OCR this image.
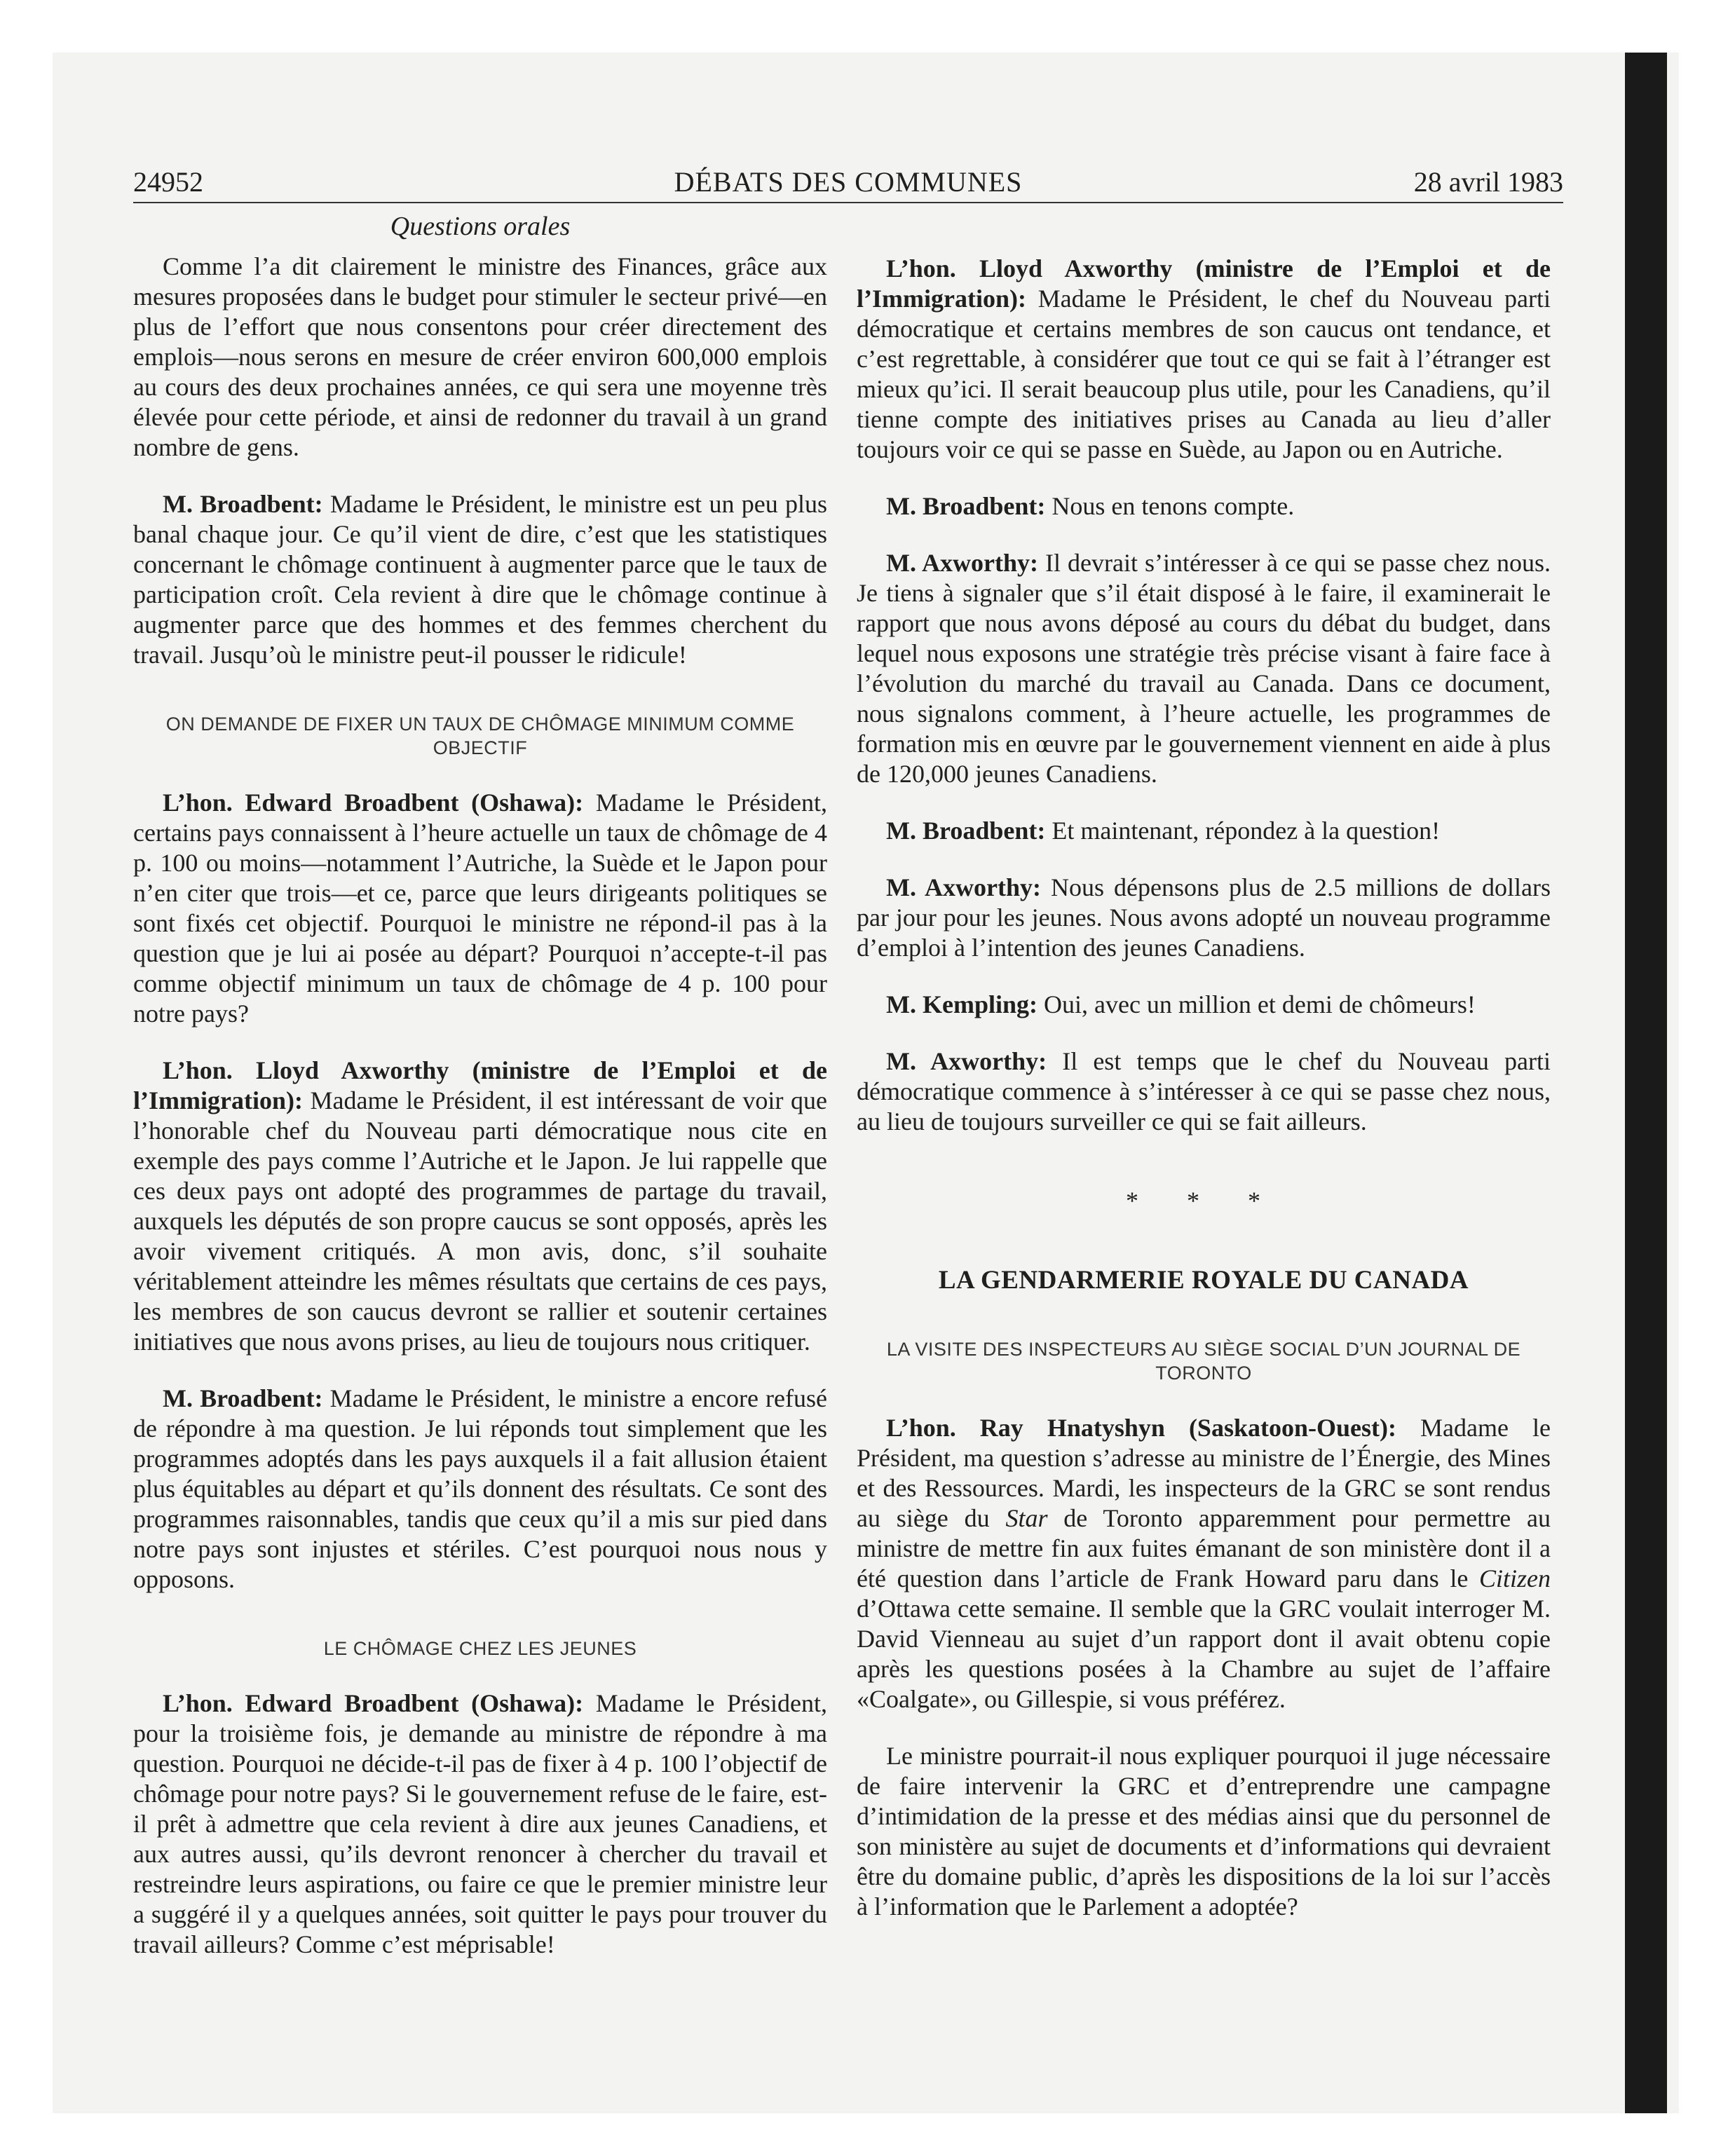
24952	DÉBATS DES COMMUNES	28 avril 1983
Questions orales

Comme l’a dit clairement le ministre des Finances, grâce aux mesures proposées dans le budget pour stimuler le secteur privé—en plus de l’effort que nous consentons pour créer directement des emplois—nous serons en mesure de créer environ 600,000 emplois au cours des deux prochaines années, ce qui sera une moyenne très élevée pour cette période, et ainsi de redonner du travail à un grand nombre de gens.

M. Broadbent: Madame le Président, le ministre est un peu plus banal chaque jour. Ce qu’il vient de dire, c’est que les statistiques concernant le chômage continuent à augmenter parce que le taux de participation croît. Cela revient à dire que le chômage continue à augmenter parce que des hommes et des femmes cherchent du travail. Jusqu’où le ministre peut-il pousser le ridicule!

ON DEMANDE DE FIXER UN TAUX DE CHÔMAGE MINIMUM COMME OBJECTIF

L’hon. Edward Broadbent (Oshawa): Madame le Président, certains pays connaissent à l’heure actuelle un taux de chômage de 4 p. 100 ou moins—notamment l’Autriche, la Suède et le Japon pour n’en citer que trois—et ce, parce que leurs dirigeants politiques se sont fixés cet objectif. Pourquoi le ministre ne répond-il pas à la question que je lui ai posée au départ? Pourquoi n’accepte-t-il pas comme objectif minimum un taux de chômage de 4 p. 100 pour notre pays?

L’hon. Lloyd Axworthy (ministre de l’Emploi et de l’Immigration): Madame le Président, il est intéressant de voir que l’honorable chef du Nouveau parti démocratique nous cite en exemple des pays comme l’Autriche et le Japon. Je lui rappelle que ces deux pays ont adopté des programmes de partage du travail, auxquels les députés de son propre caucus se sont opposés, après les avoir vivement critiqués. A mon avis, donc, s’il souhaite véritablement atteindre les mêmes résultats que certains de ces pays, les membres de son caucus devront se rallier et soutenir certaines initiatives que nous avons prises, au lieu de toujours nous critiquer.

M. Broadbent: Madame le Président, le ministre a encore refusé de répondre à ma question. Je lui réponds tout simplement que les programmes adoptés dans les pays auxquels il a fait allusion étaient plus équitables au départ et qu’ils donnent des résultats. Ce sont des programmes raisonnables, tandis que ceux qu’il a mis sur pied dans notre pays sont injustes et stériles. C’est pourquoi nous nous y opposons.

LE CHÔMAGE CHEZ LES JEUNES

L’hon. Edward Broadbent (Oshawa): Madame le Président, pour la troisième fois, je demande au ministre de répondre à ma question. Pourquoi ne décide-t-il pas de fixer à 4 p. 100 l’objectif de chômage pour notre pays? Si le gouvernement refuse de le faire, est-il prêt à admettre que cela revient à dire aux jeunes Canadiens, et aux autres aussi, qu’ils devront renoncer à chercher du travail et restreindre leurs aspirations, ou faire ce que le premier ministre leur a suggéré il y a quelques années, soit quitter le pays pour trouver du travail ailleurs? Comme c’est méprisable!

L’hon. Lloyd Axworthy (ministre de l’Emploi et de l’Immigration): Madame le Président, le chef du Nouveau parti démocratique et certains membres de son caucus ont tendance, et c’est regrettable, à considérer que tout ce qui se fait à l’étranger est mieux qu’ici. Il serait beaucoup plus utile, pour les Canadiens, qu’il tienne compte des initiatives prises au Canada au lieu d’aller toujours voir ce qui se passe en Suède, au Japon ou en Autriche.

M. Broadbent: Nous en tenons compte.

M. Axworthy: Il devrait s’intéresser à ce qui se passe chez nous. Je tiens à signaler que s’il était disposé à le faire, il examinerait le rapport que nous avons déposé au cours du débat du budget, dans lequel nous exposons une stratégie très précise visant à faire face à l’évolution du marché du travail au Canada. Dans ce document, nous signalons comment, à l’heure actuelle, les programmes de formation mis en œuvre par le gouvernement viennent en aide à plus de 120,000 jeunes Canadiens.

M. Broadbent: Et maintenant, répondez à la question!

M. Axworthy: Nous dépensons plus de 2.5 millions de dollars par jour pour les jeunes. Nous avons adopté un nouveau programme d’emploi à l’intention des jeunes Canadiens.

M. Kempling: Oui, avec un million et demi de chômeurs!

M. Axworthy: Il est temps que le chef du Nouveau parti démocratique commence à s’intéresser à ce qui se passe chez nous, au lieu de toujours surveiller ce qui se fait ailleurs.

* * *
LA GENDARMERIE ROYALE DU CANADA
LA VISITE DES INSPECTEURS AU SIÈGE SOCIAL D’UN JOURNAL DE TORONTO

L’hon. Ray Hnatyshyn (Saskatoon-Ouest): Madame le Président, ma question s’adresse au ministre de l’Énergie, des Mines et des Ressources. Mardi, les inspecteurs de la GRC se sont rendus au siège du Star de Toronto apparemment pour permettre au ministre de mettre fin aux fuites émanant de son ministère dont il a été question dans l’article de Frank Howard paru dans le Citizen d’Ottawa cette semaine. Il semble que la GRC voulait interroger M. David Vienneau au sujet d’un rapport dont il avait obtenu copie après les questions posées à la Chambre au sujet de l’affaire «Coalgate», ou Gillespie, si vous préférez.

Le ministre pourrait-il nous expliquer pourquoi il juge nécessaire de faire intervenir la GRC et d’entreprendre une campagne d’intimidation de la presse et des médias ainsi que du personnel de son ministère au sujet de documents et d’informations qui devraient être du domaine public, d’après les dispositions de la loi sur l’accès à l’information que le Parlement a adoptée?
